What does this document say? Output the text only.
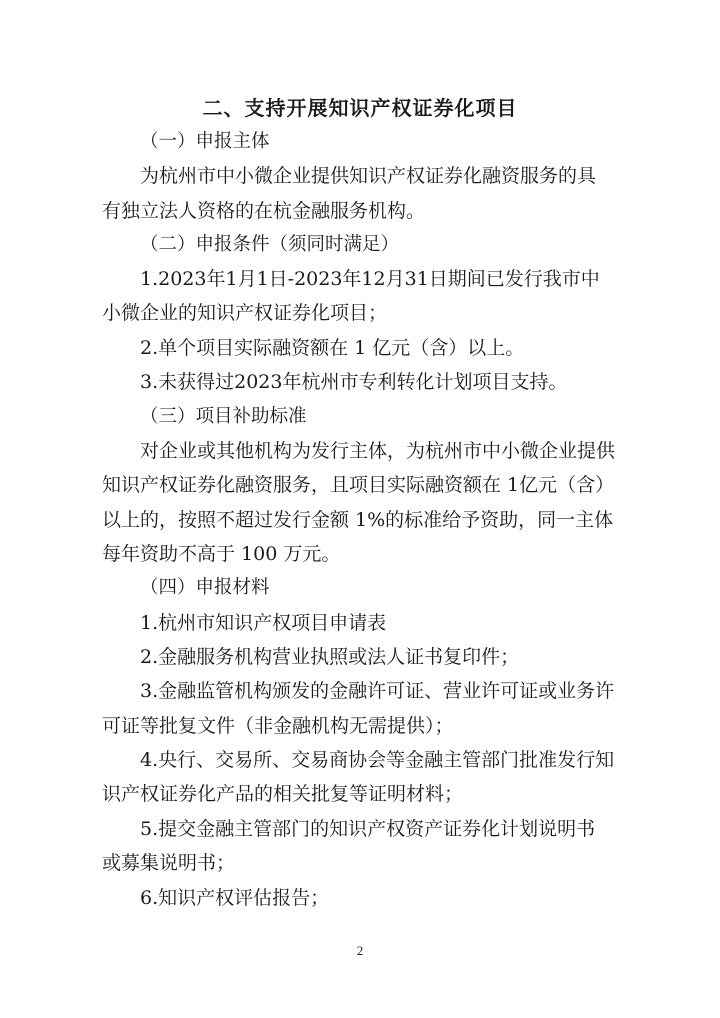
二、支持开展知识产权证券化项目
（一）申报主体
为杭州市中小微企业提供知识产权证券化融资服务的具
有独立法人资格的在杭金融服务机构。
（二）申报条件（须同时满足）
1.2023年1月1日-2023年12月31日期间已发行我市中
小微企业的知识产权证券化项目；
2.单个项目实际融资额在 1 亿元（含）以上。
3.未获得过2023年杭州市专利转化计划项目支持。
（三）项目补助标准
对企业或其他机构为发行主体，为杭州市中小微企业提供
知识产权证券化融资服务，且项目实际融资额在 1亿元（含）
以上的，按照不超过发行金额 1%的标准给予资助，同一主体
每年资助不高于 100 万元。
（四）申报材料
1.杭州市知识产权项目申请表
2.金融服务机构营业执照或法人证书复印件；
3.金融监管机构颁发的金融许可证、营业许可证或业务许
可证等批复文件（非金融机构无需提供）；
4.央行、交易所、交易商协会等金融主管部门批准发行知
识产权证券化产品的相关批复等证明材料；
5.提交金融主管部门的知识产权资产证券化计划说明书
或募集说明书；
6.知识产权评估报告；
2
